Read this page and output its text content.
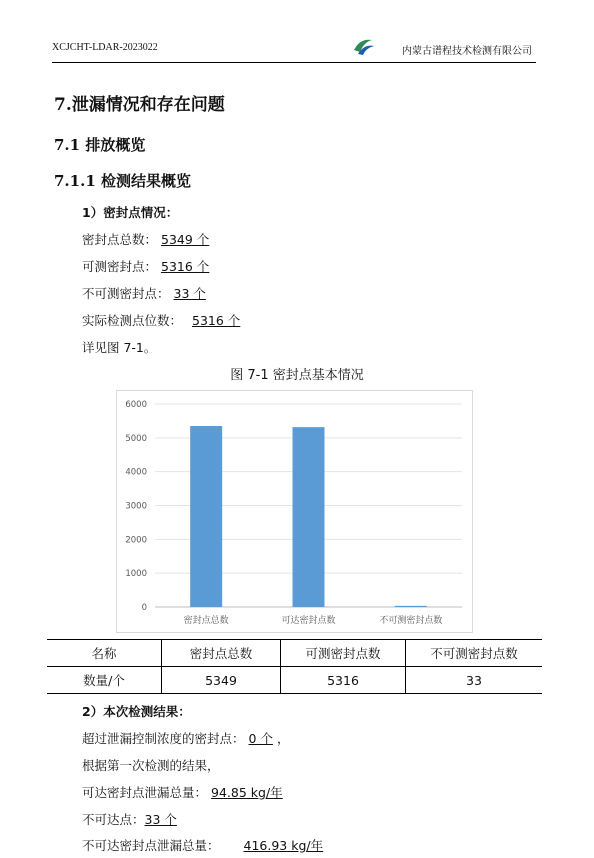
XCJCHT-LDAR-2023022	内蒙古谱程技术检测有限公司
7.泄漏情况和存在问题
7.1 排放概览
7.1.1 检测结果概览
1）密封点情况：
密封点总数： 5349 个
可测密封点： 5316 个
不可测密封点： 33 个
实际检测点位数： 5316 个
详见图 7-1。
图 7-1 密封点基本情况
0
1000
2000
3000
4000
5000
6000
密封点总数	可达密封点数	不可测密封点数
名称	密封点总数	可测密封点数	不可测密封点数
数量/个	5349	5316	33
2）本次检测结果：
超过泄漏控制浓度的密封点： 0 个 ，
根据第一次检测的结果，
可达密封点泄漏总量： 94.85 kg/年
不可达点：33 个
不可达密封点泄漏总量： 416.93 kg/年
